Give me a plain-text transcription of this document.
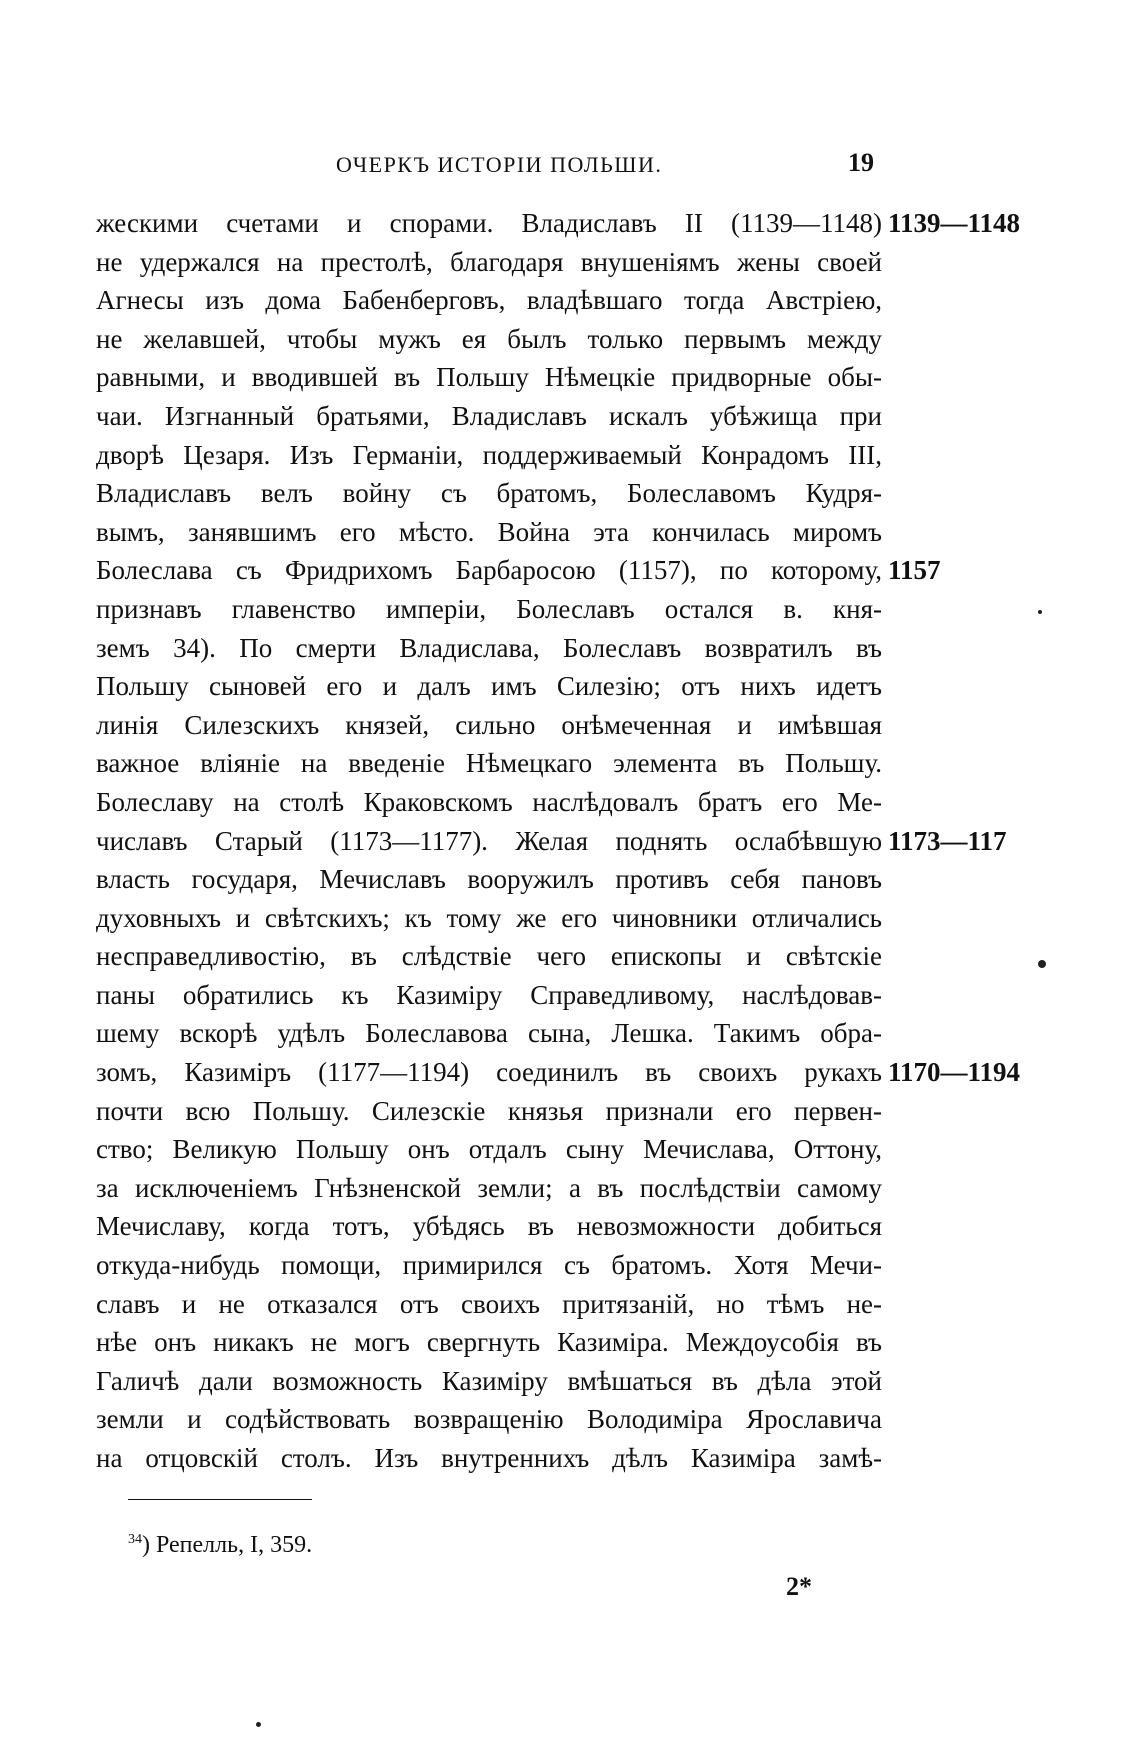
ОЧЕРКЪ ИСТОРІИ ПОЛЬШИ.	19
жескими счетами и спорами. Владиславъ II (1139—1148)
не удержался на престолѣ, благодаря внушеніямъ жены своей
Агнесы изъ дома Бабенберговъ, владѣвшаго тогда Австріею,
не желавшей, чтобы мужъ ея былъ только первымъ между
равными, и вводившей въ Польшу Нѣмецкіе придворные обы-
чаи. Изгнанный братьями, Владиславъ искалъ убѣжища при
дворѣ Цезаря. Изъ Германіи, поддерживаемый Конрадомъ III,
Владиславъ велъ войну съ братомъ, Болеславомъ Кудря-
вымъ, занявшимъ его мѣсто. Война эта кончилась миромъ
Болеслава съ Фридрихомъ Барбаросою (1157), по которому,
признавъ главенство имперіи, Болеславъ остался в. кня-
земъ 34). По смерти Владислава, Болеславъ возвратилъ въ
Польшу сыновей его и далъ имъ Силезію; отъ нихъ идетъ
линія Силезскихъ князей, сильно онѣмеченная и имѣвшая
важное вліяніе на введеніе Нѣмецкаго элемента въ Польшу.
Болеславу на столѣ Краковскомъ наслѣдовалъ братъ его Ме-
числавъ Старый (1173—1177). Желая поднять ослабѣвшую
власть государя, Мечиславъ вооружилъ противъ себя пановъ
духовныхъ и свѣтскихъ; къ тому же его чиновники отличались
несправедливостію, въ слѣдствіе чего епископы и свѣтскіе
паны обратились къ Казиміру Справедливому, наслѣдовав-
шему вскорѣ удѣлъ Болеславова сына, Лешка. Такимъ обра-
зомъ, Казиміръ (1177—1194) соединилъ въ своихъ рукахъ
почти всю Польшу. Силезскіе князья признали его первен-
ство; Великую Польшу онъ отдалъ сыну Мечислава, Оттону,
за исключеніемъ Гнѣзненской земли; а въ послѣдствіи самому
Мечиславу, когда тотъ, убѣдясь въ невозможности добиться
откуда-нибудь помощи, примирился съ братомъ. Хотя Мечи-
славъ и не отказался отъ своихъ притязаній, но тѣмъ не-
нѣе онъ никакъ не могъ свергнуть Казиміра. Междоусобія въ
Галичѣ дали возможность Казиміру вмѣшаться въ дѣла этой
земли и содѣйствовать возвращенію Володиміра Ярославича
на отцовскій столъ. Изъ внутреннихъ дѣлъ Казиміра замѣ-
1139—1148
1157
1173—117
1170—1194
$^{34}$) Репелль, I, 359.
2*
